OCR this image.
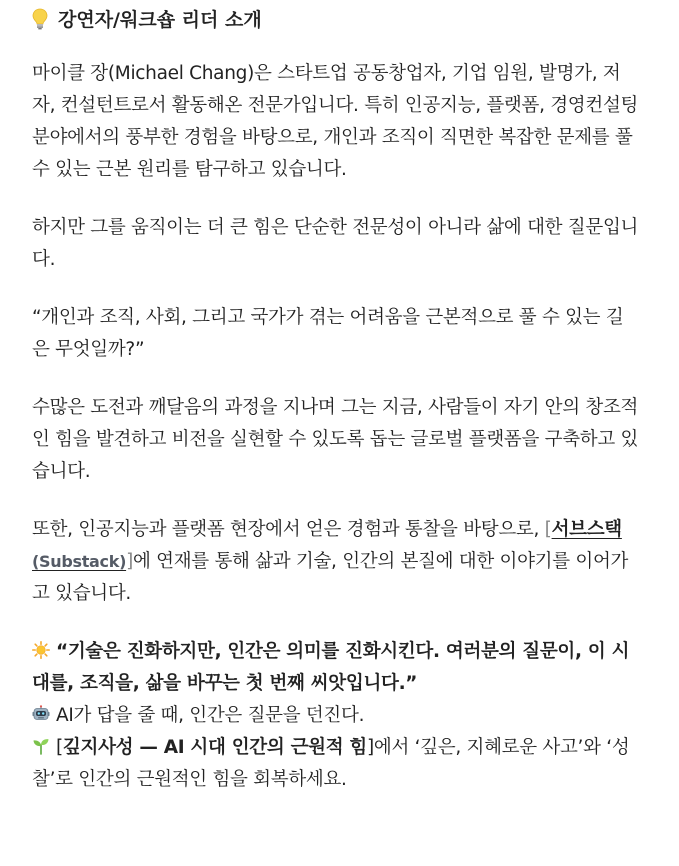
강연자/워크숍 리더 소개

마이클 장(Michael Chang)은 스타트업 공동창업자, 기업 임원, 발명가, 저자, 컨설턴트로서 활동해온 전문가입니다. 특히 인공지능, 플랫폼, 경영컨설팅 분야에서의 풍부한 경험을 바탕으로, 개인과 조직이 직면한 복잡한 문제를 풀 수 있는 근본 원리를 탐구하고 있습니다.

하지만 그를 움직이는 더 큰 힘은 단순한 전문성이 아니라 삶에 대한 질문입니다.

“개인과 조직, 사회, 그리고 국가가 겪는 어려움을 근본적으로 풀 수 있는 길은 무엇일까?”

수많은 도전과 깨달음의 과정을 지나며 그는 지금, 사람들이 자기 안의 창조적인 힘을 발견하고 비전을 실현할 수 있도록 돕는 글로벌 플랫폼을 구축하고 있습니다.

또한, 인공지능과 플랫폼 현장에서 얻은 경험과 통찰을 바탕으로, [서브스택(Substack)]에 연재를 통해 삶과 기술, 인간의 본질에 대한 이야기를 이어가고 있습니다.

“기술은 진화하지만, 인간은 의미를 진화시킨다. 여러분의 질문이, 이 시대를, 조직을, 삶을 바꾸는 첫 번째 씨앗입니다.”
AI가 답을 줄 때, 인간은 질문을 던진다.
[깊지사성 — AI 시대 인간의 근원적 힘]에서 ‘깊은, 지혜로운 사고’와 ‘성찰’로 인간의 근원적인 힘을 회복하세요.
